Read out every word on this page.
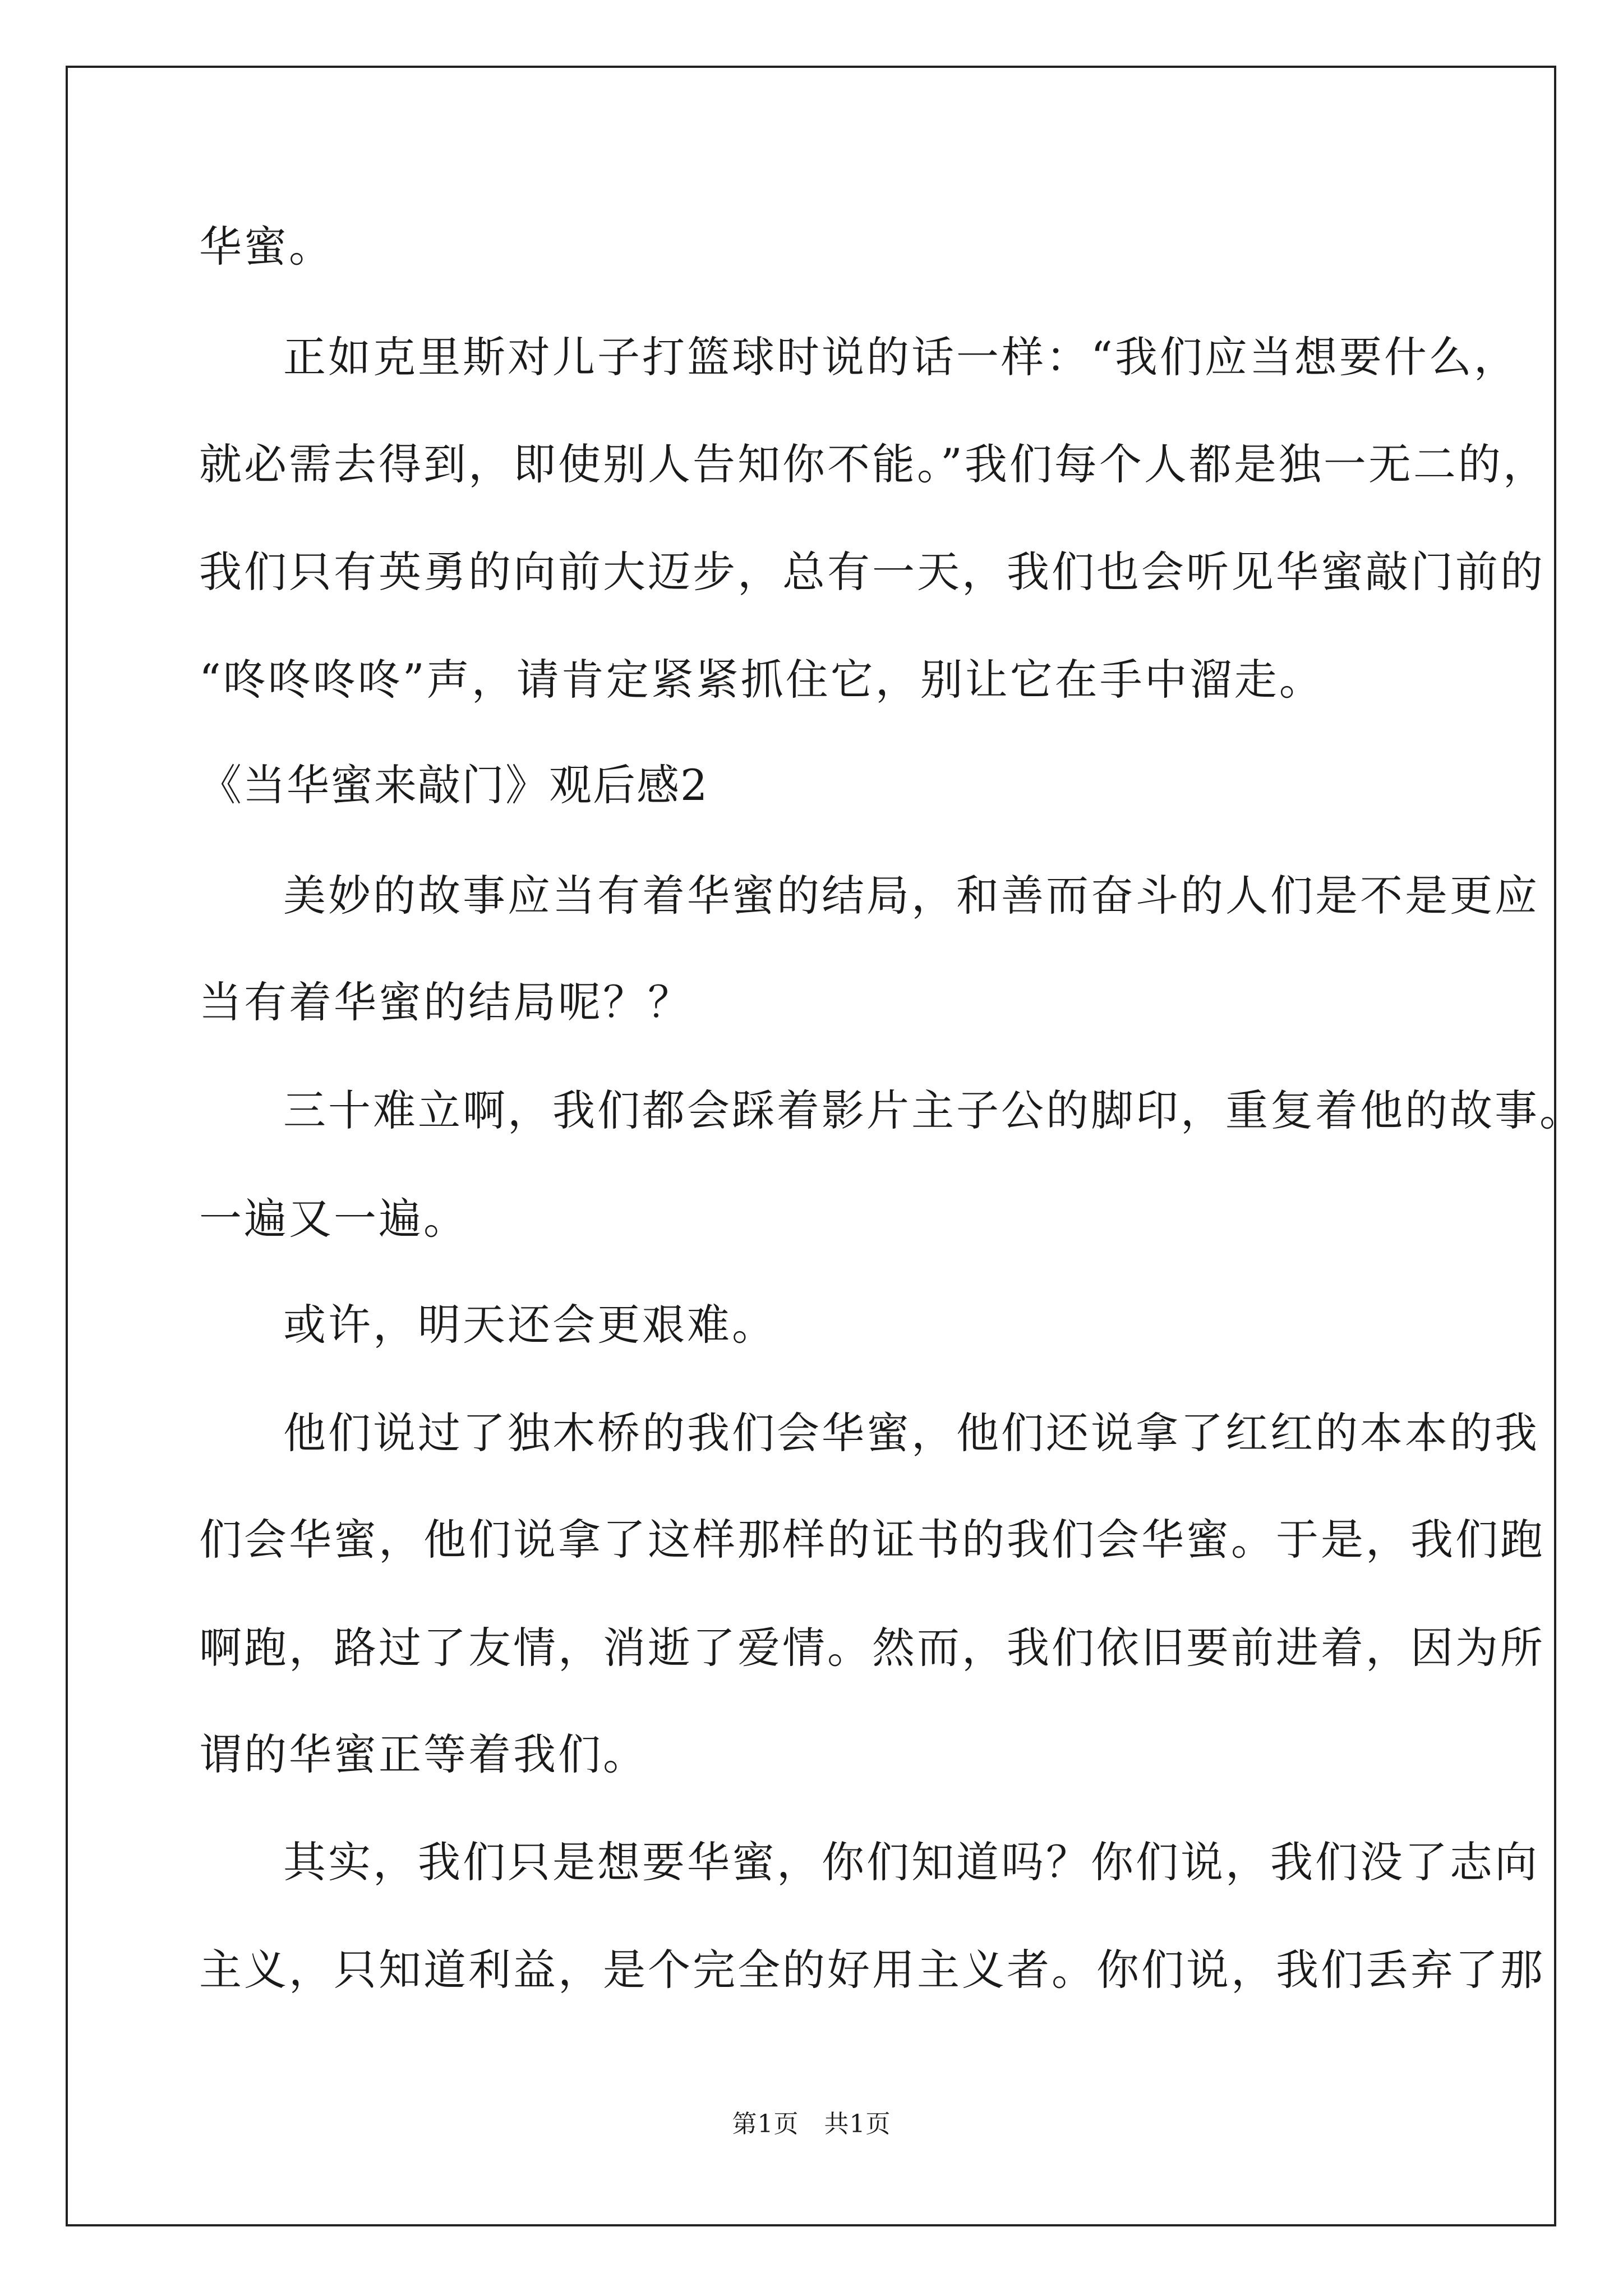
华蜜。
正如克里斯对儿子打篮球时说的话一样：“我们应当想要什么，
就必需去得到，即使别人告知你不能。”我们每个人都是独一无二的，
我们只有英勇的向前大迈步，总有一天，我们也会听见华蜜敲门前的
“咚咚咚咚”声，请肯定紧紧抓住它，别让它在手中溜走。
《当华蜜来敲门》观后感2
美妙的故事应当有着华蜜的结局，和善而奋斗的人们是不是更应
当有着华蜜的结局呢？？
三十难立啊，我们都会踩着影片主子公的脚印，重复着他的故事。
一遍又一遍。
或许，明天还会更艰难。
他们说过了独木桥的我们会华蜜，他们还说拿了红红的本本的我
们会华蜜，他们说拿了这样那样的证书的我们会华蜜。于是，我们跑
啊跑，路过了友情，消逝了爱情。然而，我们依旧要前进着，因为所
谓的华蜜正等着我们。
其实，我们只是想要华蜜，你们知道吗？你们说，我们没了志向
主义，只知道利益，是个完全的好用主义者。你们说，我们丢弃了那
第1页　共1页
